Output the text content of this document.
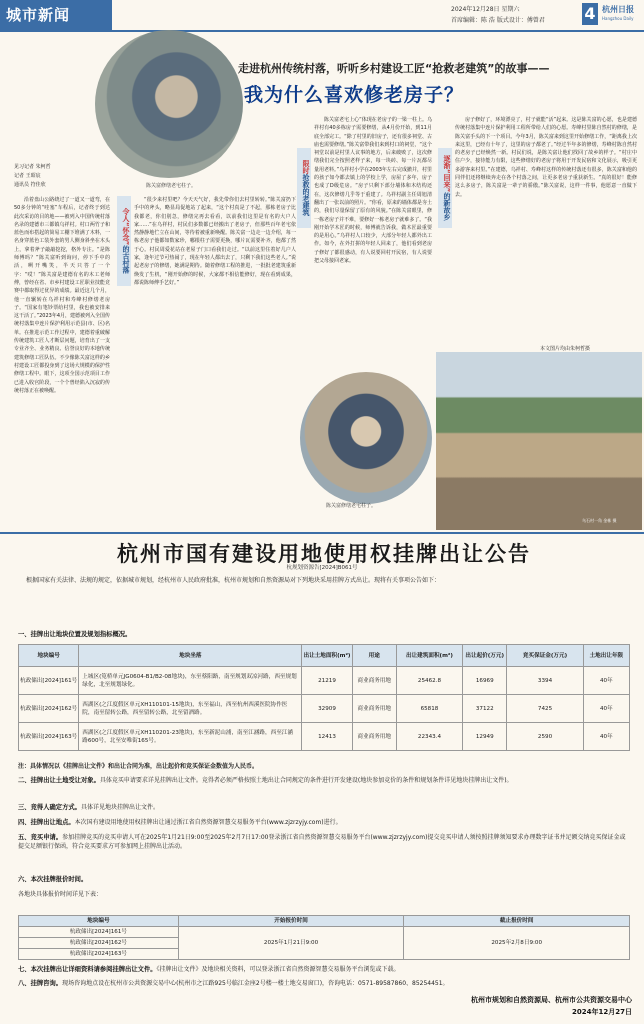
城市新闻	2024年12月28日 星期六
首席编辑：陈 浩 版式设计：傅曾君 4 杭州日报
Hangzhou Daily
陈关富修缮老宅柱子。
走进杭州传统村落，听听乡村建设工匠“抢救老建筑”的故事——
我为什么喜欢修老房子？
见习记者 朱柯哲
记者 王昭宸
通讯员 符佳欣
沿着盘山公路绕过了一道又一道弯，在50多分钟的“哇塞”车程后，记者终于到达此次采访的目的地——被列入中国传统村落名录的建德市三都镇乌祥村。村口两竹子和蓝色而布搭起的简易工棚下堆满了木料，一名身穿蓝色工装外套的男人侧身斜坐在木头上，拿着斧子敲敲挖挖，格外专注。“是陈师傅吗？”陈关富听到询问，停下手中的活，咧开嘴笑，半天只答了一个字：“哎！”陈关富是建德有名的木工老师傅，曾经在省、市乡村建设工匠职业技能竞赛中都取得过优异的成绩。最近这几个月，他一直辗转在乌祥村和寿峰村修缮老房子。“国家有笔钞票给村里，我也被安排来这干活了。”2023年4月，建德被列入全国传统村落集中连片保护利用示范县(市、区)名单。在推进示范工作过程中，建德着重破解传统建筑工匠人才断层问题，培育出了一支专业齐全、业务精良、信誉良好的本地传统建筑修缮工匠队伍。不少像陈关富这样的乡村建设工匠都投身到了这场大规模的保护性修缮工程中。眼下，这项全国示范项目工作已进入收官阶段，一个个曾经陷入沉寂的传统村落正在被唤醒。
令人“怀念”的古村落
“很少来村里吧？今天天气好，我先带你们去村里转转。”陈关富扔下手中的斧头，略显局促地站了起来，“这个村真是了不起，那栋老房子比我都老，你们别急，修缮完再去看看，以前我们这里是有名的大户人家……”在乌祥村，村民们多数都已经搬出了老房子，但那些百年老宅依然静静地伫立在山间，等待着被重新唤醒。陈关富一边走一边介绍，每一栋老房子他都如数家珍，哪根柱子需要更换，哪片瓦需要补齐，他都了然于心。村民周爱花站在老屋子门口看我们走过。“以前这里住着好几户人家，逢年过节可热闹了，现在年轻人都出去了，只剩下我们这些老人。”说起老房子的修缮，她满是期待。随着修缮工程的推进，一批批老建筑重新焕发了生机，“刚开始修的时候，大家都不相信能修好，现在看到成果，都说陈师傅手艺好。”
限时抢救的老建筑
陈关富老宅上心“体现在老房子的一梁一柱上。乌祥村有40多栋房子需要修缮，从4月份开始，到11月底全部完工。“除了村里的旧房子，还有很多祠堂、古庙也需要修缮。”陈关富带我们来到村口的祠堂，“这个祠堂以前是村里人议事的地方，后来破败了，这次修缮我们完全按照老样子来，每一块砖、每一片瓦都尽量用老料。”乌祥村小学在2003年左右完成撤并，村里的孩子如今都去镇上的学校上学，房屋了多年，房子也成了D级危房。“房子只剩下部分墙体和木结构还在，这次修缮几乎等于重建了。乌祥村副主任周旭清翻出了一张以前的照片。“你看，原来的墙体都是夯土的，我们尽量保留了原有的风貌。”在陈关富眼里，修一栋老房子并不难，要修好一栋老房子就难多了。“我刚开始学木匠的时候，师傅就告诉我，做木匠最重要的是用心。”乌祥村人口较少，大部分年轻人都外出工作。如今，在外打拼的年轻人回来了，他们看到老房子修好了都很感动，有人说要回村开民宿，有人说要把父母接回老家。
陈关富修缮老宅柱子。
逐渐“回来”的新故乡
房子修好了，环境漂亮了，村子就能“活”起来。这是陈关富的心愿，也是建德传统村落集中连片保护利用工程所带给人们的心愿。寿峰村里陈自然村的修缮，是陈关富手头的下一个项目。今年3月，陈关富来到这里开始修缮工作，“距离我上次来这里，已经有十年了，这里的房子都老了。”经过半年多的修缮，寿峰村陈自然村的老房子已经焕然一新。村民们说，是陈关富让他们找回了故乡的样子。“村庄中住户少，接待能力有限，这些修缮好的老房子将用于开发民宿和文化展示，吸引更多游客来村里。”在建德，乌祥村、寿峰村这样的传统村落还有很多，陈关富和他的同伴们还将继续奔走在各个村落之间，让更多老房子重获新生。“真的很好！能修这么多房子，陈关富是一辈子的骄傲。”陈关富说，这样一件事，他愿意一直做下去。
本文图片均由朱柯哲摄
乌石村一角 金栋 摄
杭州市国有建设用地使用权挂牌出让公告
杭规划资源告[2024]B061号
根据国家有关法律、法规的规定，依据城市规划，经杭州市人民政府批准，杭州市规划和自然资源局对下列地块采用挂牌方式出让。现将有关事项公告如下：
一、挂牌出让地块位置及规划指标概况。
地块编号	地块坐落	出让土地面积(m²)	用途	出让建筑面积(m²)	出让起价(万元)	竞买保证金(万元)	土地出让年限
杭政储出[2024]161号	上城区(笕桥单元JG0604-B1/B2-08地块)，东至蔡阳路，南至规划双凉河路，西至规划绿化，北至规划绿化。	21219	商业商务用地	25462.8	16969	3394	40年
杭政储出[2024]162号	西湖区(之江度假区单元XH110101-15地块)，东至福山，西至杭州西溪医院协作医院，南至留转公路，西至留转公路，北至留酒路。	32909	商业商务用地	65818	37122	7425	40年
杭政储出[2024]163号	西湖区(之江度假区单元XH110201-23地块)，东至新泥山浦，南至江涵路，西至江涵路600号，北至安唯街165号。	12413	商业商务用地	22343.4	12949	2590	40年
注：具体情况以《挂牌出让文件》和出让合同为准，出让起价和竞买保证金数值为人民币。
二、挂牌出让土地受让对象。具体竞买申请要求详见挂牌出让文件。竞得者必须严格按照土地出让合同规定的条件进行开发建设(地块参加竞价的条件和规划条件详见地块挂牌出让文件)。
三、竞得人确定方式。具体详见地块挂牌出让文件。
四、挂牌出让地点。本次国有建设用地使用权挂牌出让通过浙江省自然资源智慧交易服务平台(www.zjzrzyjy.com)进行。
五、竞买申请。参加挂牌竞买的竞买申请人可在2025年1月21日9:00至2025年2月7日17:00登录浙江省自然资源智慧交易服务平台(www.zjzrzyjy.com)提交竞买申请人须按照挂牌须知要求办理数字证书并足额交纳竞买保证金或提交足额银行保函，符合竞买要求方可参加网上挂牌出让活动。
六、本次挂牌报价时间。
各地块具体报价时间详见下表：
地块编号	开始报价时间	截止报价时间
杭政储出[2024]161号	2025年1月21日9:00	2025年2月8日9:00
杭政储出[2024]162号		
杭政储出[2024]163号		
七、本次挂牌出让详细资料请参阅挂牌出让文件。《挂牌出让文件》及地块相关资料，可以登录浙江省自然资源智慧交易服务平台浏览或下载。
八、挂牌咨询。现场咨询地点设在杭州市公共资源交易中心(杭州市之江路925号临江金座2号楼一楼土地交易窗口)，咨询电话：0571-89587860、85254451。
杭州市规划和自然资源局、杭州市公共资源交易中心
2024年12月27日
